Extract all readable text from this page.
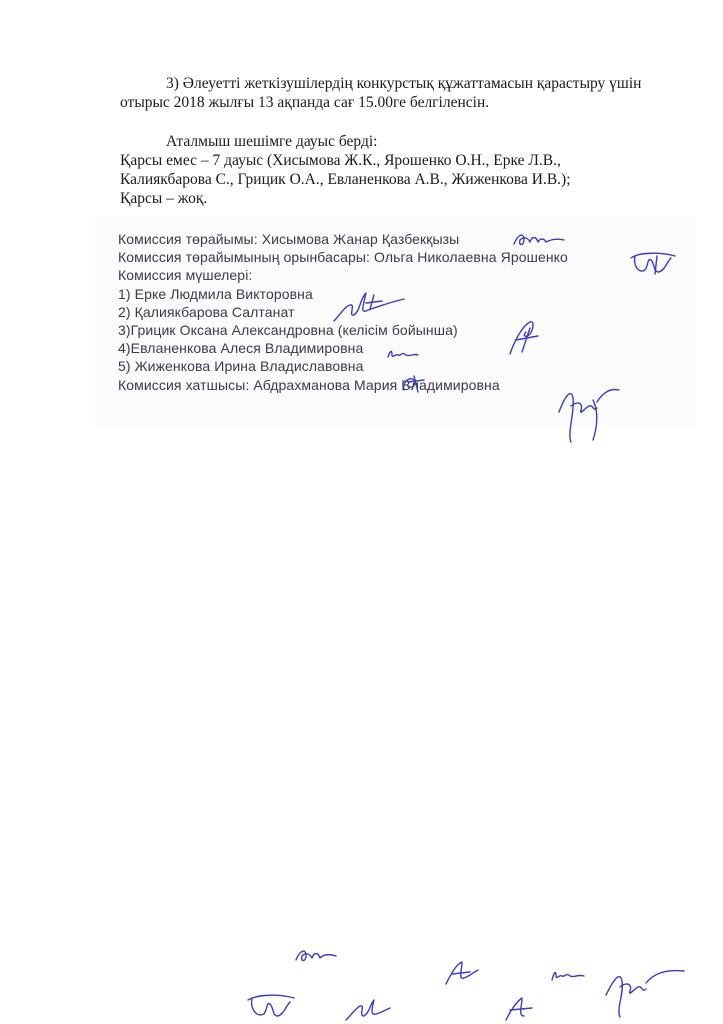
3) Әлеуетті жеткізушілердің конкурстық құжаттамасын қарастыру үшін
отырыс 2018 жылғы 13 ақпанда сағ 15.00ге белгіленсін.
Аталмыш шешімге дауыс берді:
Қарсы емес – 7 дауыс (Хисымова Ж.К., Ярошенко О.Н., Ерке Л.В.,
Калиякбарова С., Грицик О.А., Евланенкова А.В., Жиженкова И.В.);
Қарсы – жоқ.
Комиссия төрайымы: Хисымова Жанар Қазбекқызы
Комиссия төрайымының орынбасары: Ольга Николаевна Ярошенко
Комиссия мүшелері:
1) Ерке Людмила Викторовна
2) Қалиякбарова Салтанат
3)Грицик Оксана Александровна (келісім бойынша)
4)Евланенкова Алеся Владимировна
5) Жиженкова Ирина Владиславовна
Комиссия хатшысы: Абдрахманова Мария Владимировна
